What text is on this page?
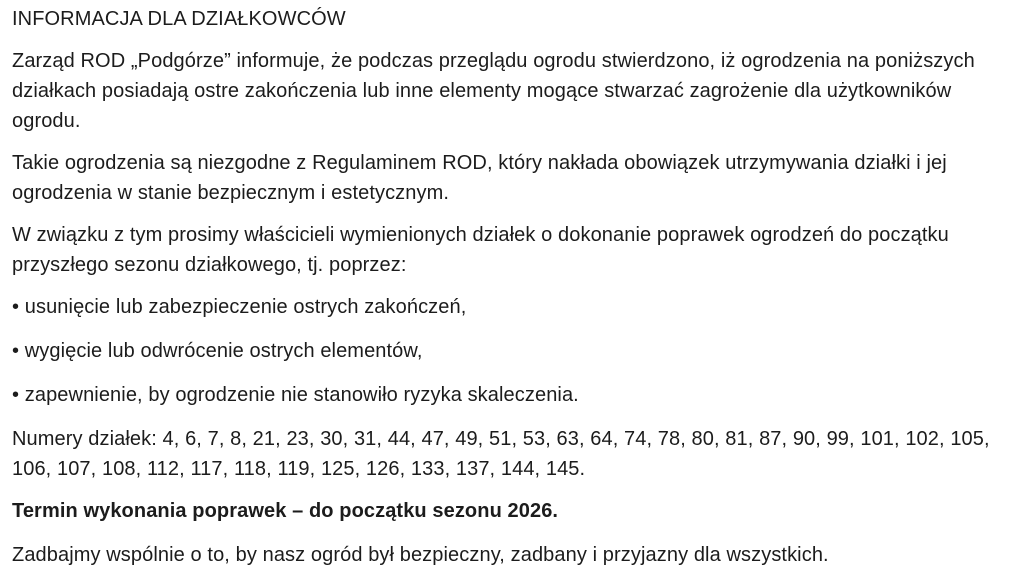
INFORMACJA DLA DZIAŁKOWCÓW
Zarząd ROD „Podgórze” informuje, że podczas przeglądu ogrodu stwierdzono, iż ogrodzenia na poniższych działkach posiadają ostre zakończenia lub inne elementy mogące stwarzać zagrożenie dla użytkowników ogrodu.
Takie ogrodzenia są niezgodne z Regulaminem ROD, który nakłada obowiązek utrzymywania działki i jej ogrodzenia w stanie bezpiecznym i estetycznym.
W związku z tym prosimy właścicieli wymienionych działek o dokonanie poprawek ogrodzeń do początku przyszłego sezonu działkowego, tj. poprzez:
• usunięcie lub zabezpieczenie ostrych zakończeń,
• wygięcie lub odwrócenie ostrych elementów,
• zapewnienie, by ogrodzenie nie stanowiło ryzyka skaleczenia.
Numery działek: 4, 6, 7, 8, 21, 23, 30, 31, 44, 47, 49, 51, 53, 63, 64, 74, 78, 80, 81, 87, 90, 99, 101, 102, 105, 106, 107, 108, 112, 117, 118, 119, 125, 126, 133, 137, 144, 145.
Termin wykonania poprawek – do początku sezonu 2026.
Zadbajmy wspólnie o to, by nasz ogród był bezpieczny, zadbany i przyjazny dla wszystkich.
